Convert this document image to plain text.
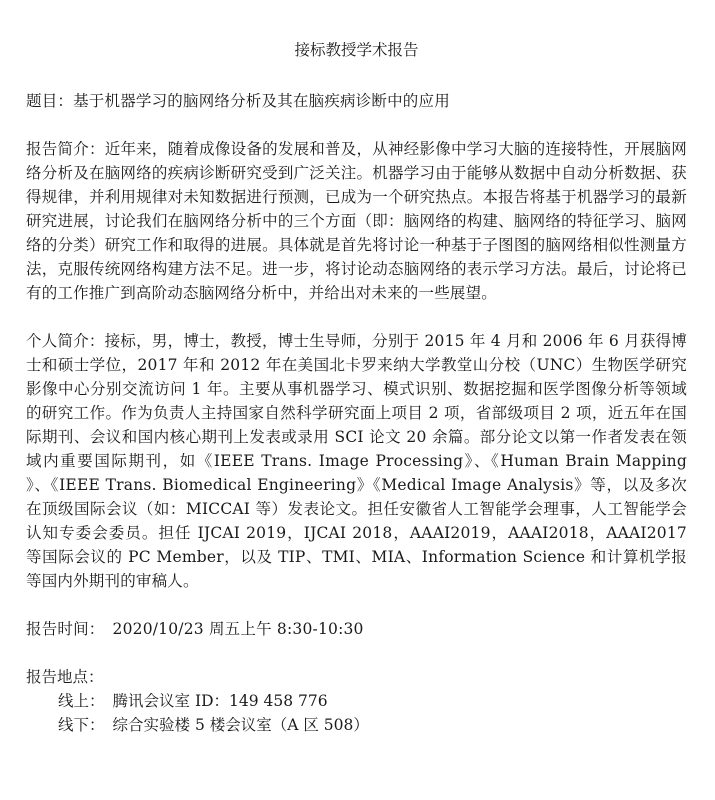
接标教授学术报告

题目：基于机器学习的脑网络分析及其在脑疾病诊断中的应用

报告简介：近年来，随着成像设备的发展和普及，从神经影像中学习大脑的连接特性，开展脑网络分析及在脑网络的疾病诊断研究受到广泛关注。机器学习由于能够从数据中自动分析数据、获得规律，并利用规律对未知数据进行预测，已成为一个研究热点。本报告将基于机器学习的最新研究进展，讨论我们在脑网络分析中的三个方面（即：脑网络的构建、脑网络的特征学习、脑网络的分类）研究工作和取得的进展。具体就是首先将讨论一种基于子图图的脑网络相似性测量方法，克服传统网络构建方法不足。进一步，将讨论动态脑网络的表示学习方法。最后，讨论将已有的工作推广到高阶动态脑网络分析中，并给出对未来的一些展望。

个人简介：接标，男，博士，教授，博士生导师，分别于 2015 年 4 月和 2006 年 6 月获得博士和硕士学位，2017 年和 2012 年在美国北卡罗来纳大学教堂山分校（UNC）生物医学研究影像中心分别交流访问 1 年。主要从事机器学习、模式识别、数据挖掘和医学图像分析等领域的研究工作。作为负责人主持国家自然科学研究面上项目 2 项，省部级项目 2 项，近五年在国际期刊、会议和国内核心期刊上发表或录用 SCI 论文 20 余篇。部分论文以第一作者发表在领域内重要国际期刊，如《IEEE Trans. Image Processing》、《Human Brain Mapping 》、《IEEE Trans. Biomedical Engineering》《Medical Image Analysis》等，以及多次在顶级国际会议（如：MICCAI 等）发表论文。担任安徽省人工智能学会理事，人工智能学会认知专委会委员。担任 IJCAI 2019，IJCAI 2018，AAAI2019，AAAI2018，AAAI2017 等国际会议的 PC Member，以及 TIP、TMI、MIA、Information Science 和计算机学报等国内外期刊的审稿人。

报告时间： 2020/10/23 周五上午 8:30-10:30

报告地点：
线上： 腾讯会议室 ID：149 458 776
线下： 综合实验楼 5 楼会议室（A 区 508）
